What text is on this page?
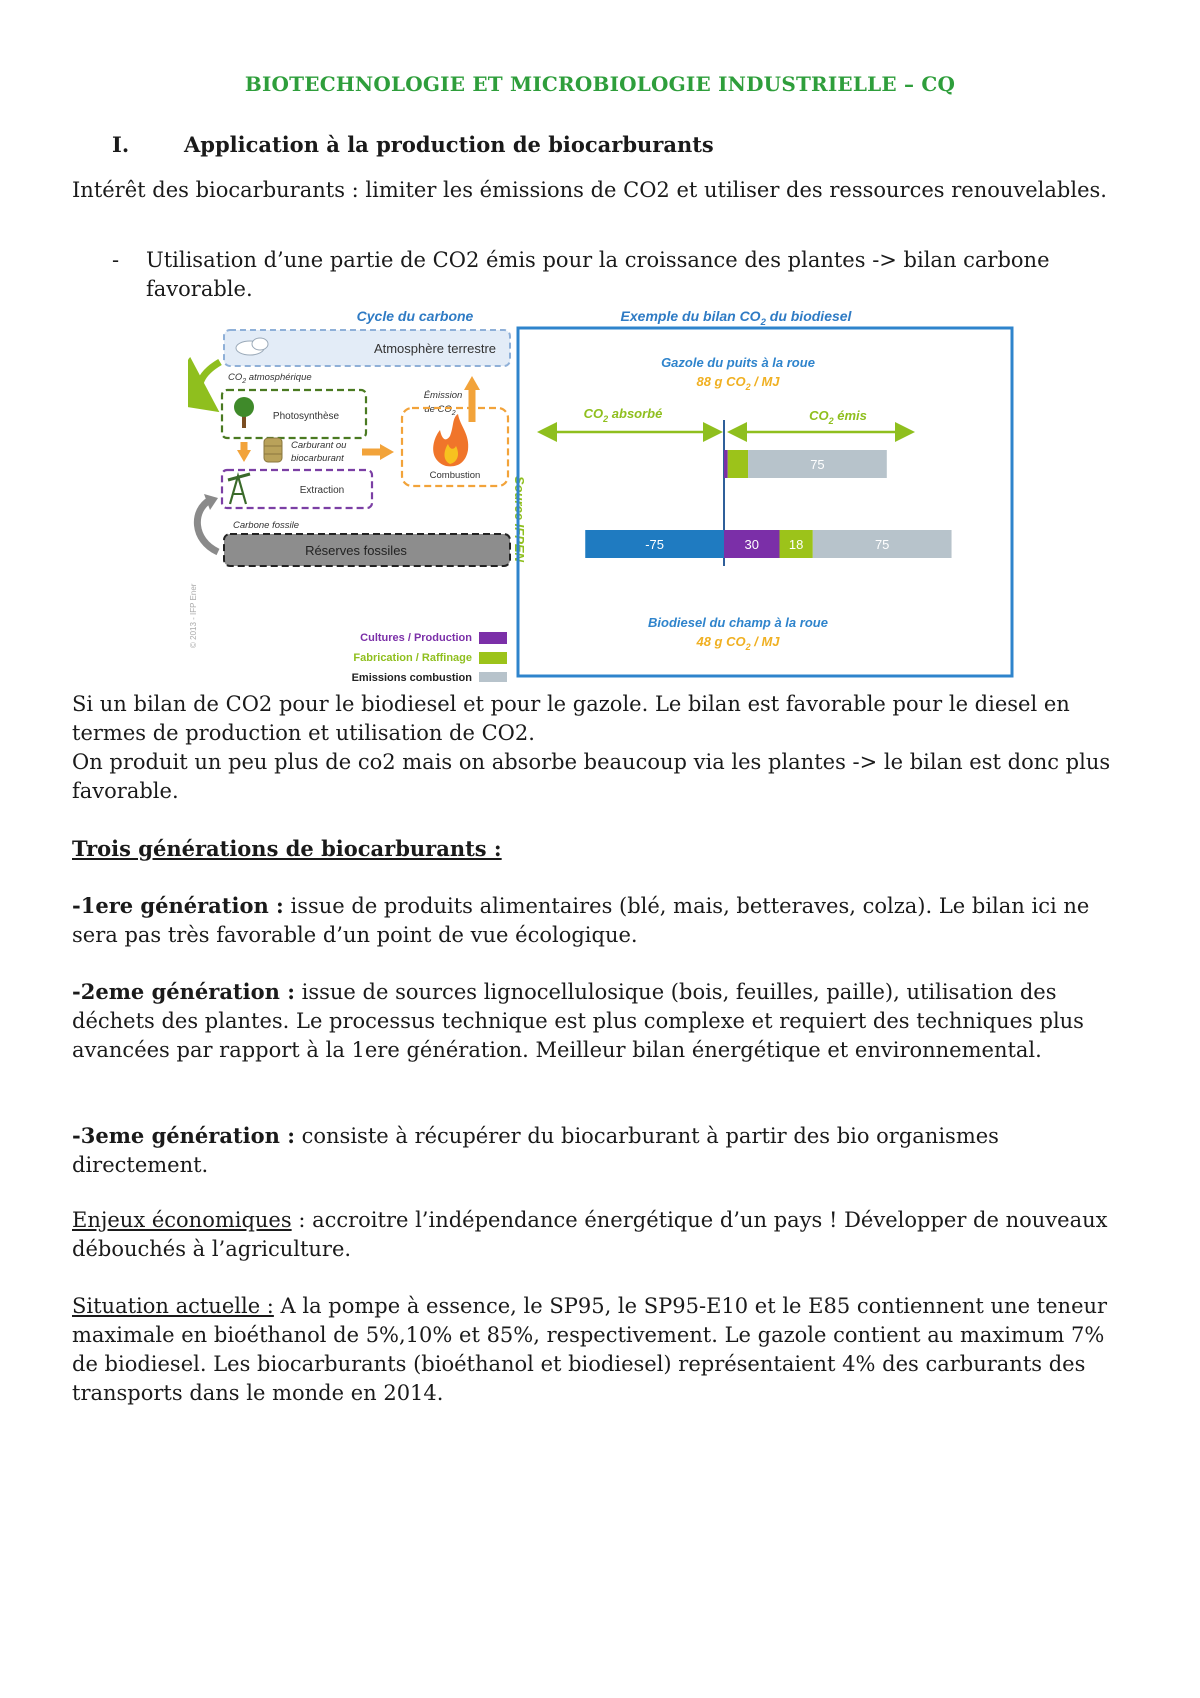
BIOTECHNOLOGIE ET MICROBIOLOGIE INDUSTRIELLE – CQ
I.	Application à la production de biocarburants
Intérêt des biocarburants : limiter les émissions de CO2 et utiliser des ressources renouvelables.
- Utilisation d’une partie de CO2 émis pour la croissance des plantes -> bilan carbone favorable.
Cycle du carbone
Atmosphère terrestre
$CO_2$ atmosphérique
Photosynthèse
Émission
de $CO_2$
Carburant ou
biocarburant
Combustion
Extraction
Carbone fossile
Réserves fossiles	Source IFPEN
© 2013 - IFP Ener	Cultures / Production
Fabrication / Raffinage
Emissions combustion
Exemple du bilan $CO_2$ du biodiesel
Gazole du puits à la roue
88 g $CO_2$ / MJ
$CO_2$ absorbé	$CO_2$ émis
75
-75	30 18	75
Biodiesel du champ à la roue
48 g $CO_2$ / MJ
Si un bilan de CO2 pour le biodiesel et pour le gazole. Le bilan est favorable pour le diesel en termes de production et utilisation de CO2.
On produit un peu plus de co2 mais on absorbe beaucoup via les plantes -> le bilan est donc plus favorable.
Trois générations de biocarburants :
-1ere génération : issue de produits alimentaires (blé, mais, betteraves, colza). Le bilan ici ne sera pas très favorable d’un point de vue écologique.
-2eme génération : issue de sources lignocellulosique (bois, feuilles, paille), utilisation des déchets des plantes. Le processus technique est plus complexe et requiert des techniques plus avancées par rapport à la 1ere génération. Meilleur bilan énergétique et environnemental.
-3eme génération : consiste à récupérer du biocarburant à partir des bio organismes directement.
Enjeux économiques : accroitre l’indépendance énergétique d’un pays ! Développer de nouveaux débouchés à l’agriculture.
Situation actuelle : A la pompe à essence, le SP95, le SP95-E10 et le E85 contiennent une teneur maximale en bioéthanol de 5%,10% et 85%, respectivement. Le gazole contient au maximum 7% de biodiesel. Les biocarburants (bioéthanol et biodiesel) représentaient 4% des carburants des transports dans le monde en 2014.
